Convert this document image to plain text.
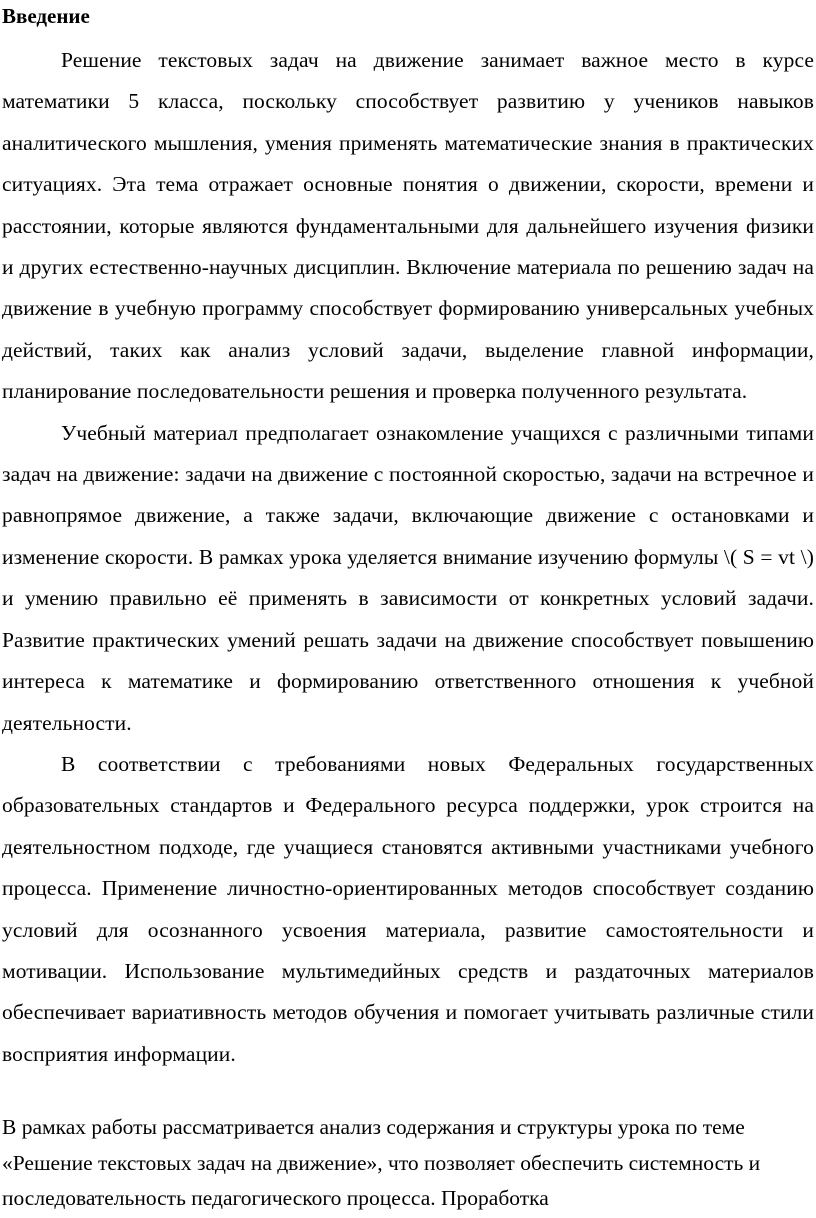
Введение

Решение текстовых задач на движение занимает важное место в курсе математики 5 класса, поскольку способствует развитию у учеников навыков аналитического мышления, умения применять математические знания в практических ситуациях. Эта тема отражает основные понятия о движении, скорости, времени и расстоянии, которые являются фундаментальными для дальнейшего изучения физики и других естественно-научных дисциплин. Включение материала по решению задач на движение в учебную программу способствует формированию универсальных учебных действий, таких как анализ условий задачи, выделение главной информации, планирование последовательности решения и проверка полученного результата.

Учебный материал предполагает ознакомление учащихся с различными типами задач на движение: задачи на движение с постоянной скоростью, задачи на встречное и равнопрямое движение, а также задачи, включающие движение с остановками и изменение скорости. В рамках урока уделяется внимание изучению формулы \( S = vt \) и умению правильно её применять в зависимости от конкретных условий задачи. Развитие практических умений решать задачи на движение способствует повышению интереса к математике и формированию ответственного отношения к учебной деятельности.

В соответствии с требованиями новых Федеральных государственных образовательных стандартов и Федерального ресурса поддержки, урок строится на деятельностном подходе, где учащиеся становятся активными участниками учебного процесса. Применение личностно-ориентированных методов способствует созданию условий для осознанного усвоения материала, развитие самостоятельности и мотивации. Использование мультимедийных средств и раздаточных материалов обеспечивает вариативность методов обучения и помогает учитывать различные стили восприятия информации.

В рамках работы рассматривается анализ содержания и структуры урока по теме «Решение текстовых задач на движение», что позволяет обеспечить системность и последовательность педагогического процесса. Проработка
